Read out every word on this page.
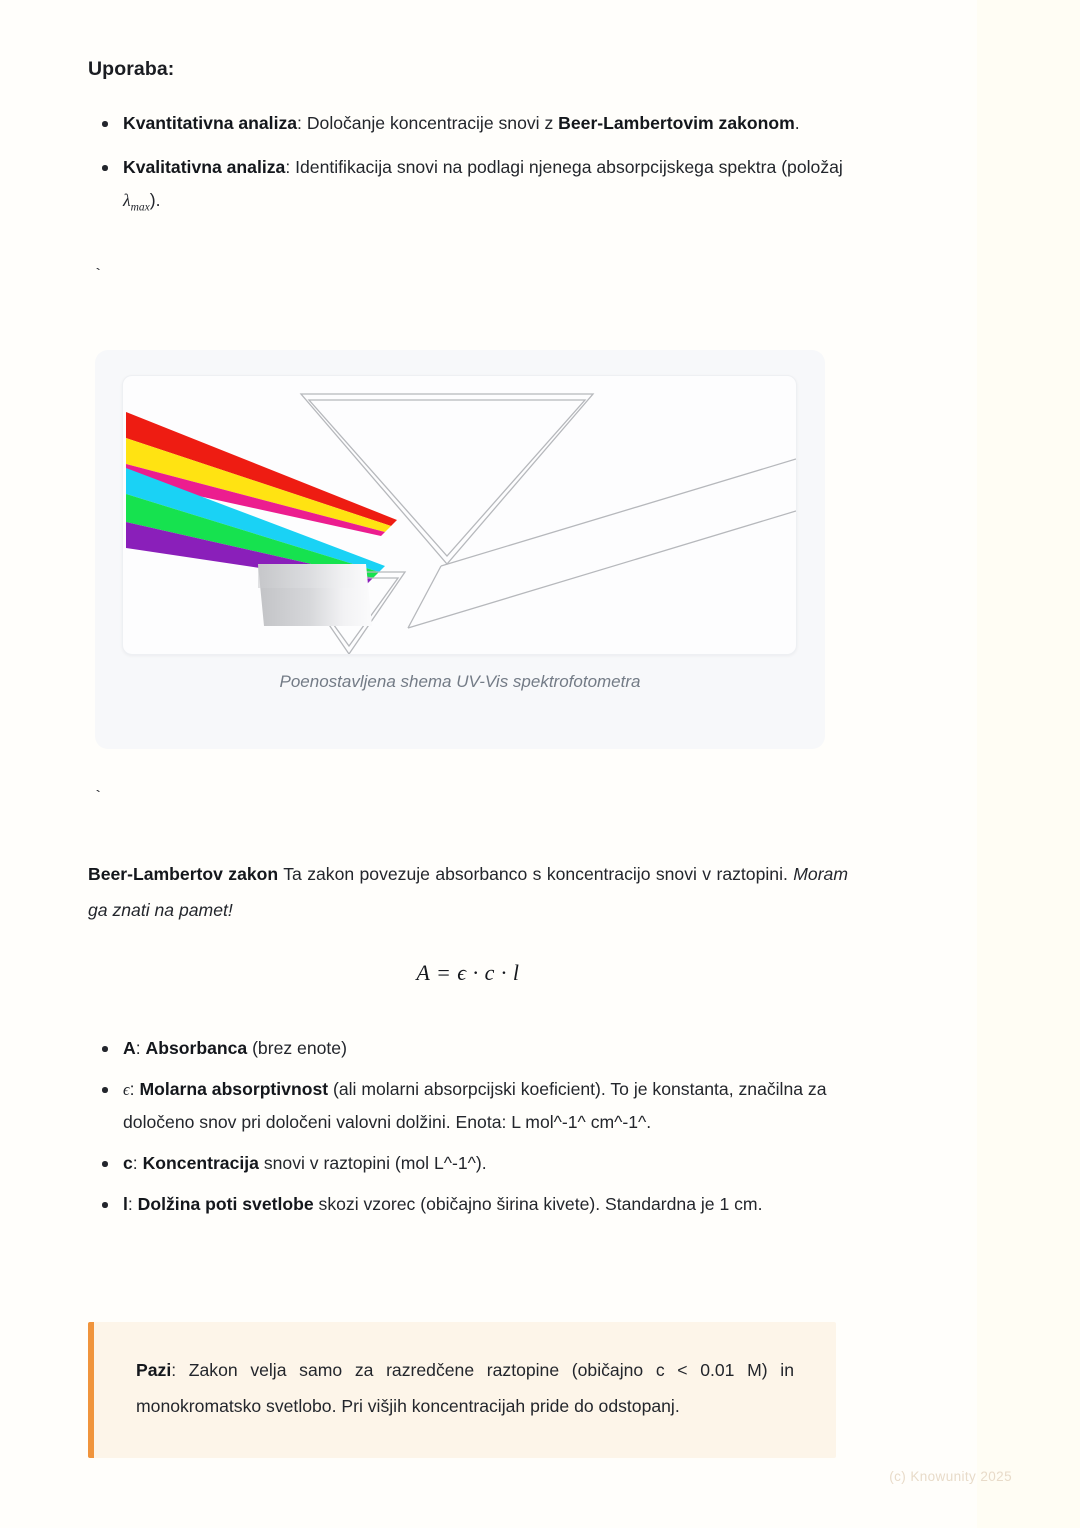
Uporaba:
Kvantitativna analiza: Določanje koncentracije snovi z Beer-Lambertovim zakonom.
Kvalitativna analiza: Identifikacija snovi na podlagi njenega absorpcijskega spektra (položaj $\lambda_{max}$).
`
`
Beer-Lambertov zakon Ta zakon povezuje absorbanco s koncentracijo snovi v raztopini. Moram ga znati na pamet!
A = ϵ · c · l
A: Absorbanca (brez enote)
ϵ: Molarna absorptivnost (ali molarni absorpcijski koeficient). To je konstanta, značilna za določeno snov pri določeni valovni dolžini. Enota: L mol^-1^ cm^-1^.
c: Koncentracija snovi v raztopini (mol L^-1^).
l: Dolžina poti svetlobe skozi vzorec (običajno širina kivete). Standardna je 1 cm.
Poenostavljena shema UV-Vis spektrofotometra

Pazi: Zakon velja samo za razredčene raztopine (običajno c < 0.01 M) in monokromatsko svetlobo. Pri višjih koncentracijah pride do odstopanj.

(c) Knowunity 2025
